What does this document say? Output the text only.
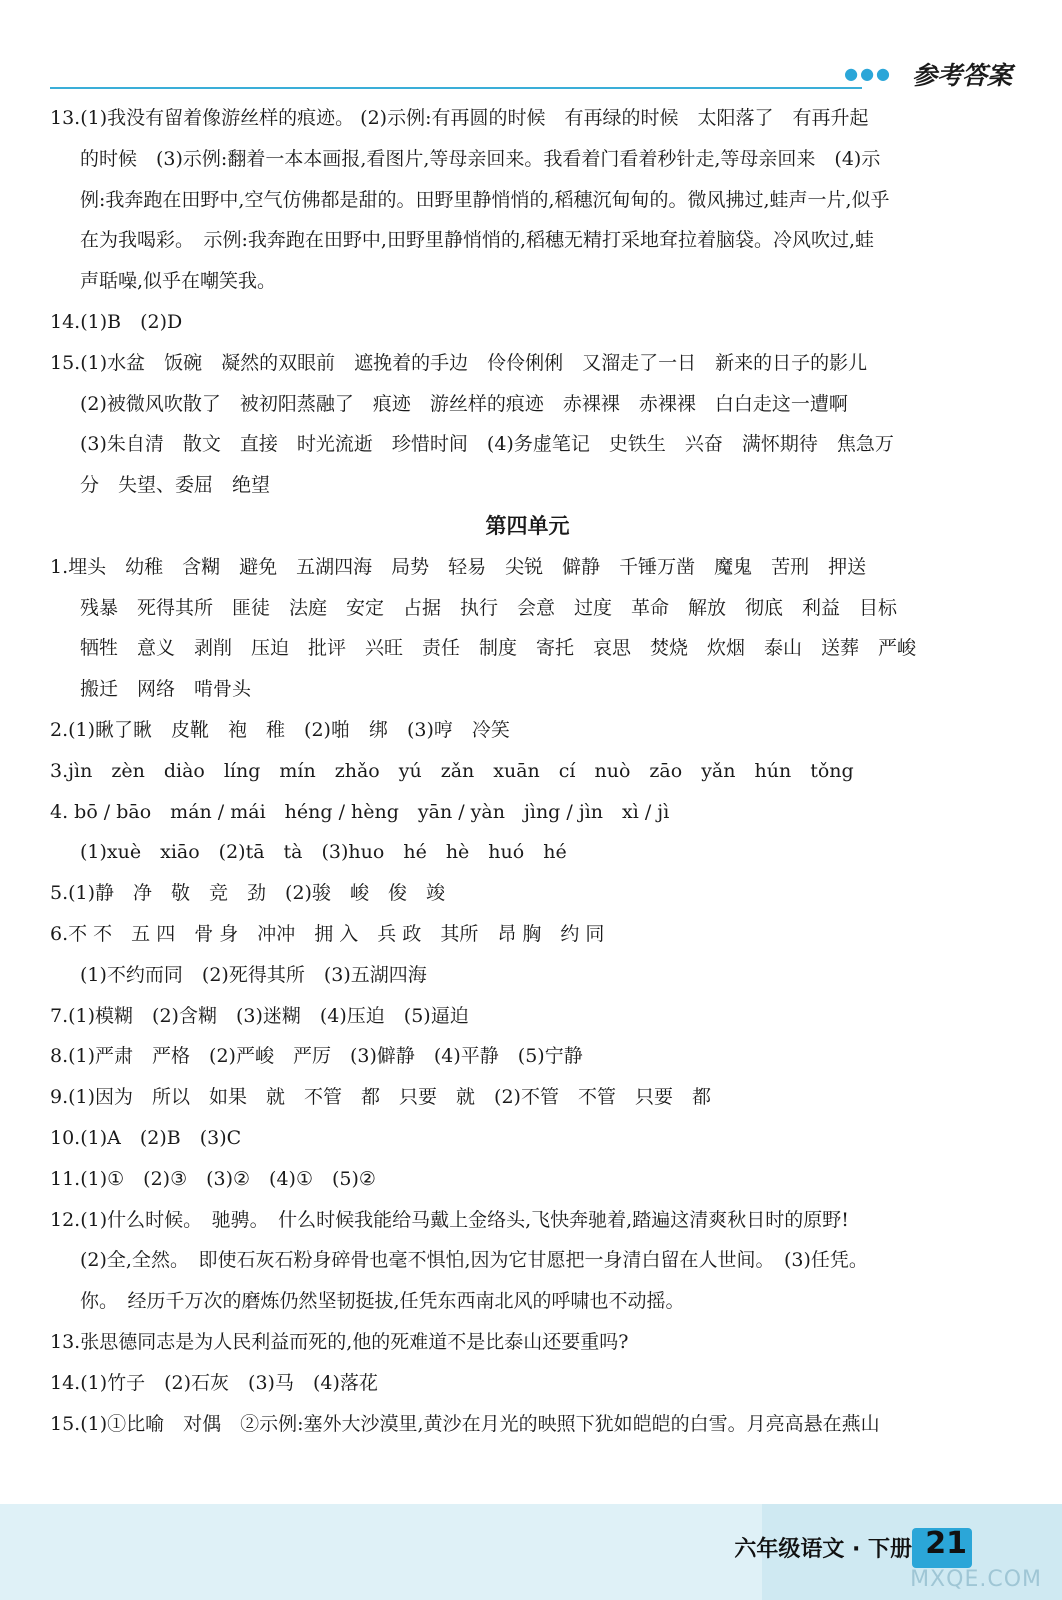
●●● 参考答案
13.(1)我没有留着像游丝样的痕迹。 (2)示例:有再圆的时候　有再绿的时候　太阳落了　有再升起
的时候　(3)示例:翻着一本本画报,看图片,等母亲回来。我看着门看着秒针走,等母亲回来　(4)示
例:我奔跑在田野中,空气仿佛都是甜的。田野里静悄悄的,稻穗沉甸甸的。微风拂过,蛙声一片,似乎
在为我喝彩。　示例:我奔跑在田野中,田野里静悄悄的,稻穗无精打采地耷拉着脑袋。冷风吹过,蛙
声聒噪,似乎在嘲笑我。
14.(1)B　(2)D
15.(1)水盆　饭碗　凝然的双眼前　遮挽着的手边　伶伶俐俐　又溜走了一日　新来的日子的影儿
(2)被微风吹散了　被初阳蒸融了　痕迹　游丝样的痕迹　赤裸裸　赤裸裸　白白走这一遭啊
(3)朱自清　散文　直接　时光流逝　珍惜时间　(4)务虚笔记　史铁生　兴奋　满怀期待　焦急万
分　失望、委屈　绝望
第四单元
1.埋头　幼稚　含糊　避免　五湖四海　局势　轻易　尖锐　僻静　千锤万凿　魔鬼　苦刑　押送
残暴　死得其所　匪徒　法庭　安定　占据　执行　会意　过度　革命　解放　彻底　利益　目标
牺牲　意义　剥削　压迫　批评　兴旺　责任　制度　寄托　哀思　焚烧　炊烟　泰山　送葬　严峻
搬迁　网络　啃骨头
2.(1)瞅了瞅　皮靴　袍　稚　(2)啪　绑　(3)哼　冷笑
3.jìn　zèn　diào　líng　mín　zhǎo　yú　zǎn　xuān　cí　nuò　zāo　yǎn　hún　tǒng
4. bō / bāo　mán / mái　héng / hèng　yān / yàn　jìng / jìn　xì / jì
(1)xuè　xiāo　(2)tā　tà　(3)huo　hé　hè　huó　hé
5.(1)静　净　敬　竞　劲　(2)骏　峻　俊　竣
6.不 不　五 四　骨 身　冲冲　拥 入　兵 政　其所　昂 胸　约 同
(1)不约而同　(2)死得其所　(3)五湖四海
7.(1)模糊　(2)含糊　(3)迷糊　(4)压迫　(5)逼迫
8.(1)严肃　严格　(2)严峻　严厉　(3)僻静　(4)平静　(5)宁静
9.(1)因为　所以　如果　就　不管　都　只要　就　(2)不管　不管　只要　都
10.(1)A　(2)B　(3)C
11.(1)①　(2)③　(3)②　(4)①　(5)②
12.(1)什么时候。　驰骋。　什么时候我能给马戴上金络头,飞快奔驰着,踏遍这清爽秋日时的原野!
(2)全,全然。　即使石灰石粉身碎骨也毫不惧怕,因为它甘愿把一身清白留在人世间。　(3)任凭。
你。　经历千万次的磨炼仍然坚韧挺拔,任凭东西南北风的呼啸也不动摇。
13.张思德同志是为人民利益而死的,他的死难道不是比泰山还要重吗?
14.(1)竹子　(2)石灰　(3)马　(4)落花
15.(1)①比喻　对偶　②示例:塞外大沙漠里,黄沙在月光的映照下犹如皑皑的白雪。月亮高悬在燕山
六年级语文 · 下册 21
MXQE.COM
